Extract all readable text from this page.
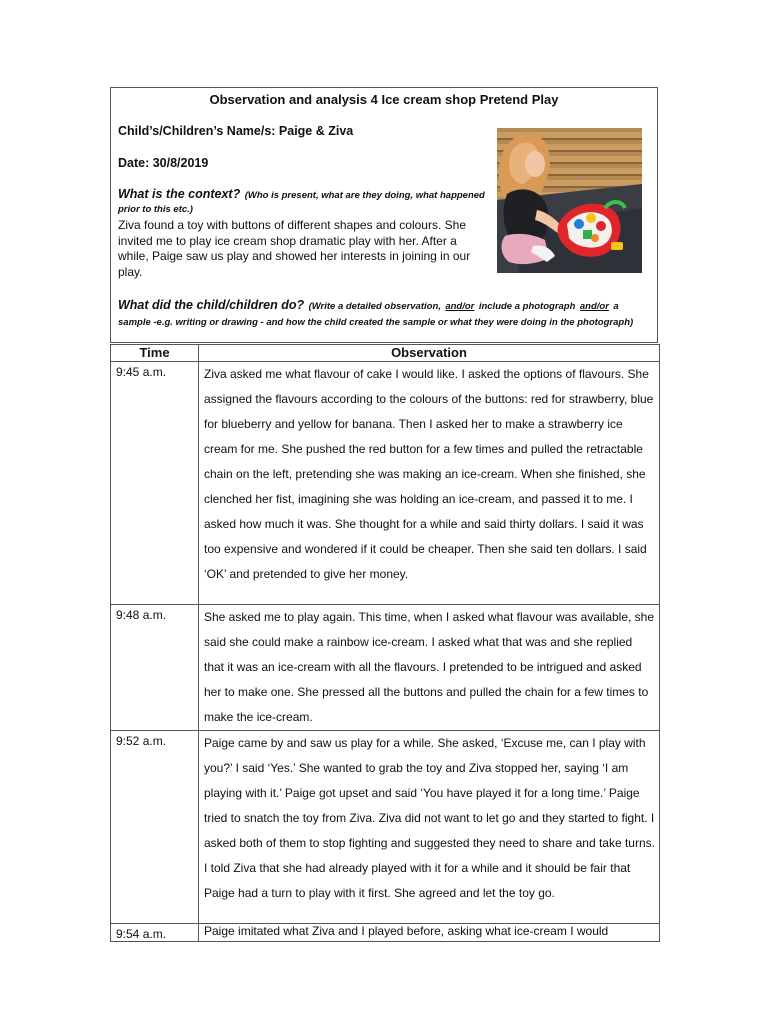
Observation and analysis 4 Ice cream shop Pretend Play
Child’s/Children’s Name/s: Paige & Ziva
Date: 30/8/2019
What is the context? (Who is present, what are they doing, what happened prior to this etc.)
Ziva found a toy with buttons of different shapes and colours. She invited me to play ice cream shop dramatic play with her. After a while, Paige saw us play and showed her interests in joining in our play.
What did the child/children do? (Write a detailed observation, and/or include a photograph and/or a sample -e.g. writing or drawing - and how the child created the sample or what they were doing in the photograph)
Time	Observation
9:45 a.m.	Ziva asked me what flavour of cake I would like. I asked the options of flavours. She assigned the flavours according to the colours of the buttons: red for strawberry, blue for blueberry and yellow for banana. Then I asked her to make a strawberry ice cream for me. She pushed the red button for a few times and pulled the retractable chain on the left, pretending she was making an ice-cream. When she finished, she clenched her fist, imagining she was holding an ice-cream, and passed it to me. I asked how much it was. She thought for a while and said thirty dollars. I said it was too expensive and wondered if it could be cheaper. Then she said ten dollars. I said ‘OK’ and pretended to give her money.
9:48 a.m.	She asked me to play again. This time, when I asked what flavour was available, she said she could make a rainbow ice-cream. I asked what that was and she replied that it was an ice-cream with all the flavours. I pretended to be intrigued and asked her to make one. She pressed all the buttons and pulled the chain for a few times to make the ice-cream.
9:52 a.m.	Paige came by and saw us play for a while. She asked, ‘Excuse me, can I play with you?’ I said ‘Yes.’ She wanted to grab the toy and Ziva stopped her, saying ‘I am playing with it.’ Paige got upset and said ‘You have played it for a long time.’ Paige tried to snatch the toy from Ziva. Ziva did not want to let go and they started to fight. I asked both of them to stop fighting and suggested they need to share and take turns. I told Ziva that she had already played with it for a while and it should be fair that Paige had a turn to play with it first. She agreed and let the toy go.
9:54 a.m.	Paige imitated what Ziva and I played before, asking what ice-cream I would
